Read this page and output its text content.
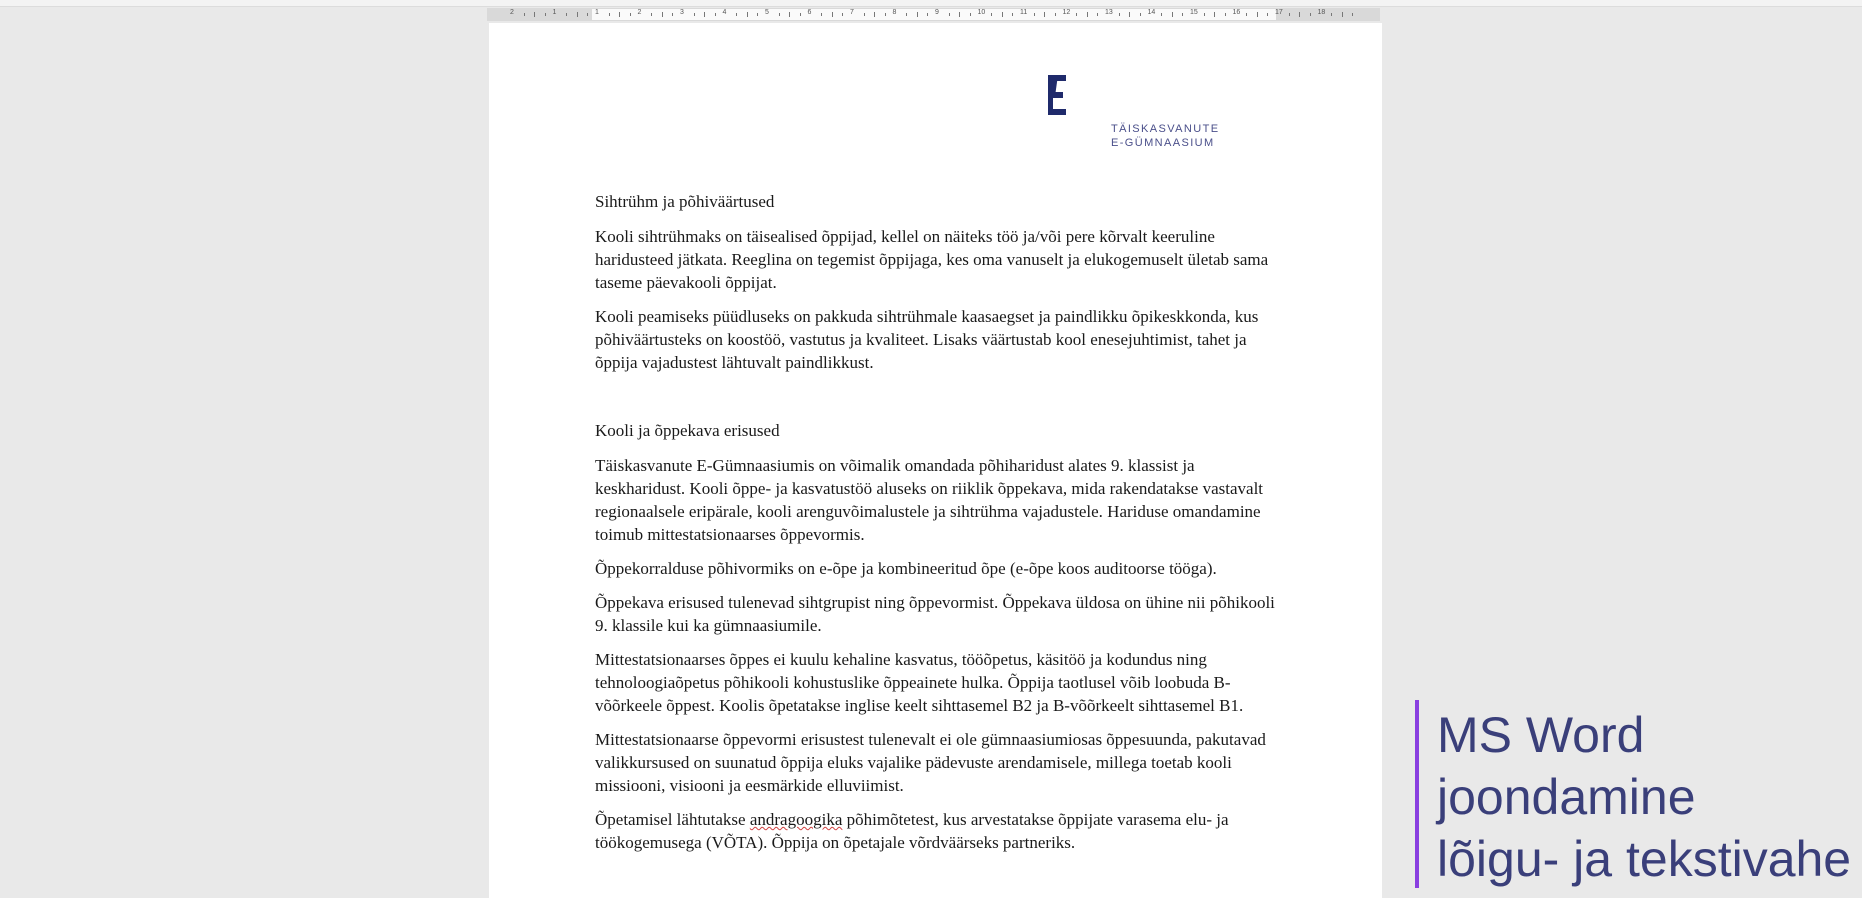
2	1	1	2	3	4	5	6	7	8	9	10	11	12	13	14	15	16	17	18
TÄISKASVANUTE
E-GÜMNAASIUM

Sihtrühm ja põhiväärtused

Kooli sihtrühmaks on täisealised õppijad, kellel on näiteks töö ja/või pere kõrvalt keeruline haridusteed jätkata. Reeglina on tegemist õppijaga, kes oma vanuselt ja elukogemuselt ületab sama taseme päevakooli õppijat.

Kooli peamiseks püüdluseks on pakkuda sihtrühmale kaasaegset ja paindlikku õpikeskkonda, kus põhiväärtusteks on koostöö, vastutus ja kvaliteet. Lisaks väärtustab kool enesejuhtimist, tahet ja õppija vajadustest lähtuvalt paindlikkust.

Kooli ja õppekava erisused

Täiskasvanute E-Gümnaasiumis on võimalik omandada põhiharidust alates 9. klassist ja keskharidust. Kooli õppe- ja kasvatustöö aluseks on riiklik õppekava, mida rakendatakse vastavalt regionaalsele eripärale, kooli arenguvõimalustele ja sihtrühma vajadustele. Hariduse omandamine toimub mittestatsionaarses õppevormis.

Õppekorralduse põhivormiks on e-õpe ja kombineeritud õpe (e-õpe koos auditoorse tööga).

Õppekava erisused tulenevad sihtgrupist ning õppevormist. Õppekava üldosa on ühine nii põhikooli 9. klassile kui ka gümnaasiumile.

Mittestatsionaarses õppes ei kuulu kehaline kasvatus, tööõpetus, käsitöö ja kodundus ning tehnoloogiaõpetus põhikooli kohustuslike õppeainete hulka. Õppija taotlusel võib loobuda B-võõrkeele õppest. Koolis õpetatakse inglise keelt sihttasemel B2 ja B-võõrkeelt sihttasemel B1.

Mittestatsionaarse õppevormi erisustest tulenevalt ei ole gümnaasiumiosas õppesuunda, pakutavad valikkursused on suunatud õppija eluks vajalike pädevuste arendamisele, millega toetab kooli missiooni, visiooni ja eesmärkide elluviimist.

Õpetamisel lähtutakse andragoogika põhimõtetest, kus arvestatakse õppijate varasema elu- ja töökogemusega (VÕTA). Õppija on õpetajale võrdväärseks partneriks.

MS Word
joondamine
lõigu- ja tekstivahe
